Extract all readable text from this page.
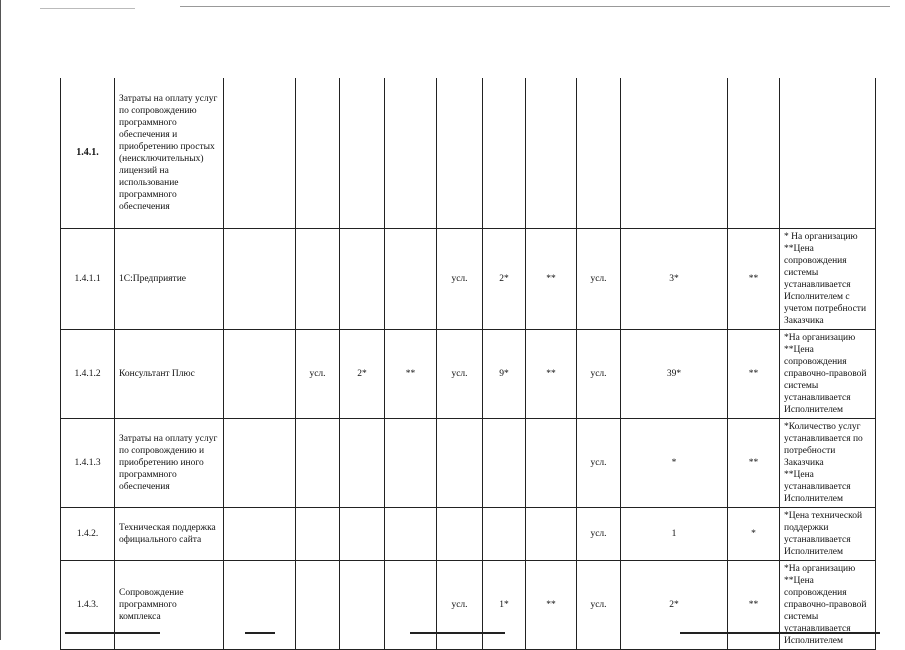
1.4.1.	Затраты на оплату услуг по сопровождению программного обеспечения и приобретению простых (неисключительных) лицензий на использование программного обеспечения											
1.4.1.1	1С:Предприятие					усл.	2*	**	усл.	3*	**	* На организацию
**Цена сопровождения системы устанавливается Исполнителем с учетом потребности Заказчика
1.4.1.2	Консультант Плюс		усл.	2*	**	усл.	9*	**	усл.	39*	**	*На организацию
**Цена сопровождения справочно-правовой системы устанавливается Исполнителем
1.4.1.3	Затраты на оплату услуг по сопровождению и приобретению иного программного обеспечения								усл.	*	**	*Количество услуг устанавливается по потребности Заказчика
**Цена устанавливается Исполнителем
1.4.2.	Техническая поддержка официального сайта								усл.	1	*	*Цена технической поддержки устанавливается Исполнителем
1.4.3.	Сопровождение программного комплекса					усл.	1*	**	усл.	2*	**	*На организацию
**Цена сопровождения справочно-правовой системы устанавливается Исполнителем
